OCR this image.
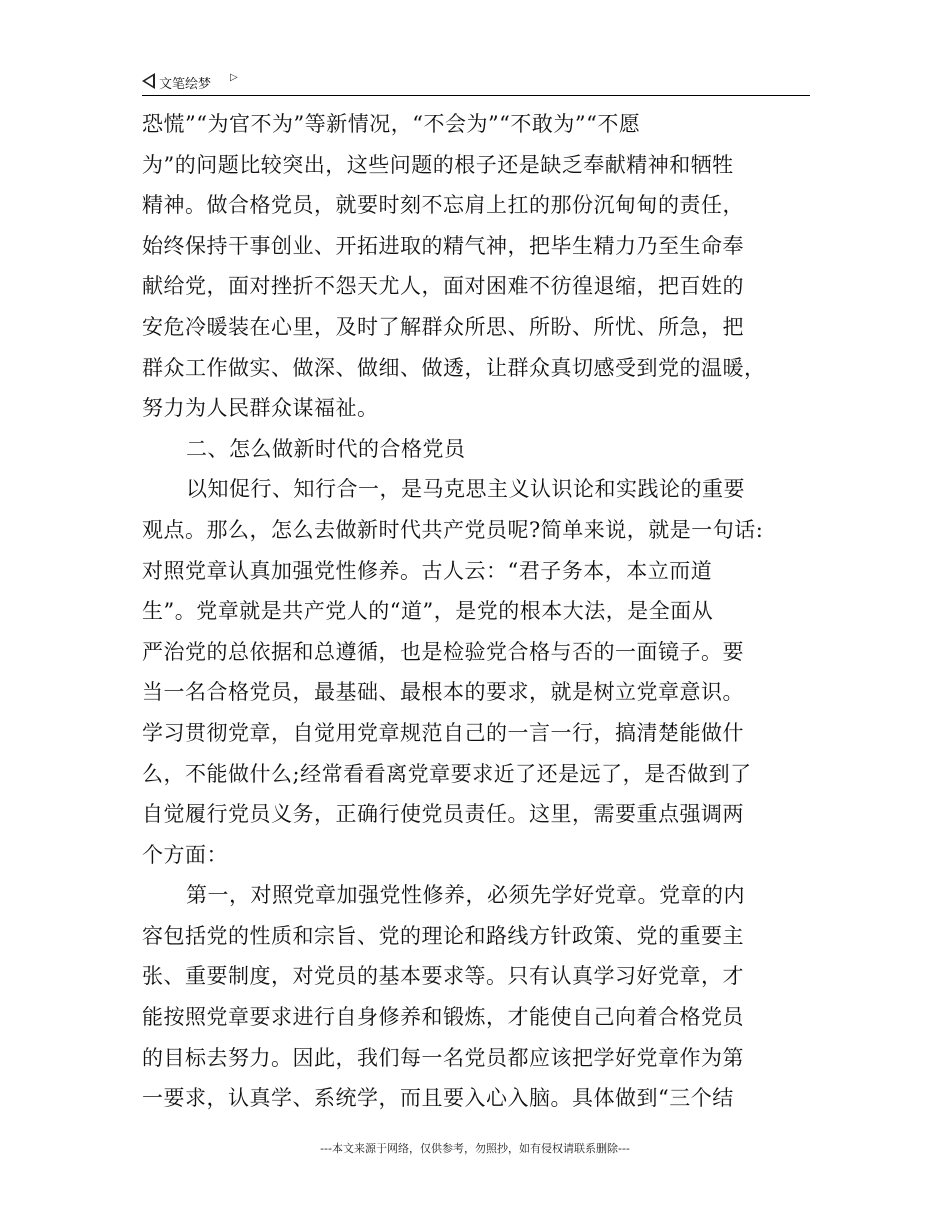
文笔绘梦 ▷
恐慌”“为官不为”等新情况，“不会为”“不敢为”“不愿
为”的问题比较突出，这些问题的根子还是缺乏奉献精神和牺牲
精神。做合格党员，就要时刻不忘肩上扛的那份沉甸甸的责任，
始终保持干事创业、开拓进取的精气神，把毕生精力乃至生命奉
献给党，面对挫折不怨天尤人，面对困难不彷徨退缩，把百姓的
安危冷暖装在心里，及时了解群众所思、所盼、所忧、所急，把
群众工作做实、做深、做细、做透，让群众真切感受到党的温暖，
努力为人民群众谋福祉。
二、怎么做新时代的合格党员
以知促行、知行合一，是马克思主义认识论和实践论的重要
观点。那么，怎么去做新时代共产党员呢?简单来说，就是一句话:
对照党章认真加强党性修养。古人云：“君子务本，本立而道
生”。党章就是共产党人的“道”，是党的根本大法，是全面从
严治党的总依据和总遵循，也是检验党合格与否的一面镜子。要
当一名合格党员，最基础、最根本的要求，就是树立党章意识。
学习贯彻党章，自觉用党章规范自己的一言一行，搞清楚能做什
么，不能做什么;经常看看离党章要求近了还是远了，是否做到了
自觉履行党员义务，正确行使党员责任。这里，需要重点强调两
个方面：
第一，对照党章加强党性修养，必须先学好党章。党章的内
容包括党的性质和宗旨、党的理论和路线方针政策、党的重要主
张、重要制度，对党员的基本要求等。只有认真学习好党章，才
能按照党章要求进行自身修养和锻炼，才能使自己向着合格党员
的目标去努力。因此，我们每一名党员都应该把学好党章作为第
一要求，认真学、系统学，而且要入心入脑。具体做到“三个结
---本文来源于网络，仅供参考，勿照抄，如有侵权请联系删除---
